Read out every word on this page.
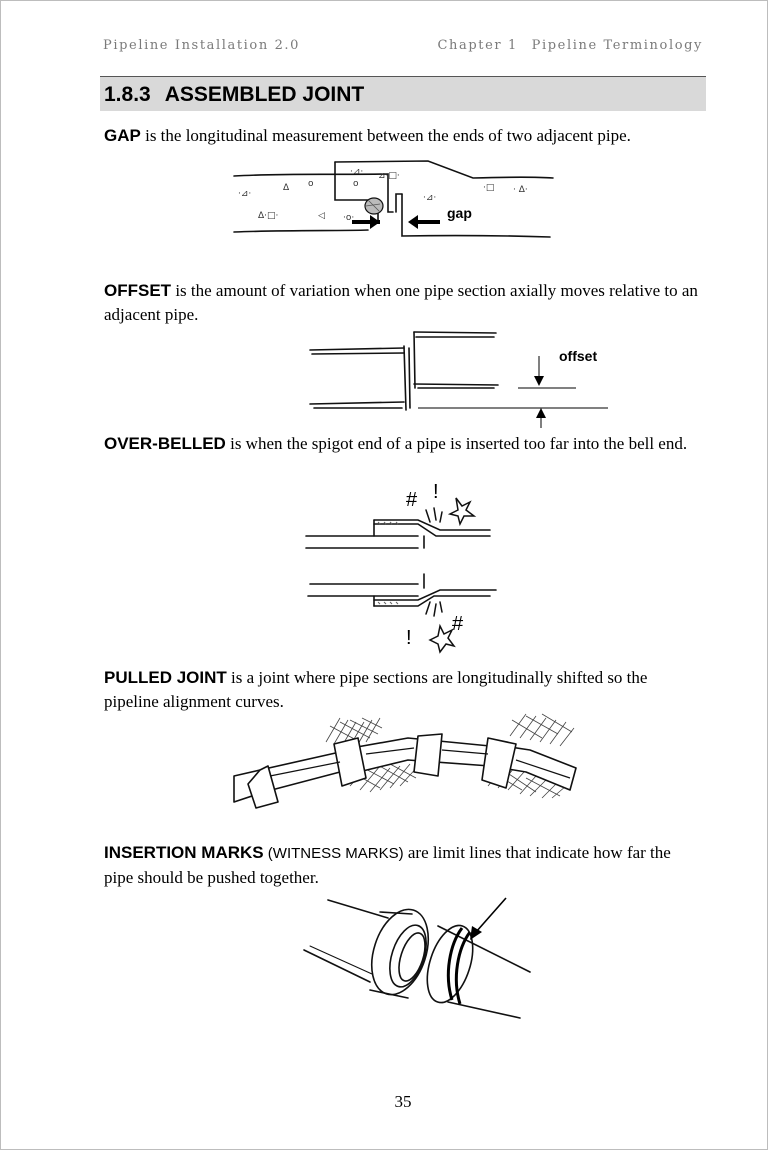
Pipeline Installation 2.0	Chapter 1  Pipeline Terminology
1.8.3 ASSEMBLED JOINT
GAP is the longitudinal measurement between the ends of two adjacent pipe.
·⊿·
Δ o
Δ·□·	◁ ·o·
·⊿· ⊿·□·
o
·⊿·
·□ · Δ·
gap
OFFSET is the amount of variation when one pipe section axially moves relative to an adjacent pipe.
offset
OVER-BELLED is when the spigot end of a pipe is inserted too far into the bell end.
# !
#
!
PULLED JOINT is a joint where pipe sections are longitudinally shifted so the pipeline alignment curves.
INSERTION MARKS (WITNESS MARKS) are limit lines that indicate how far the pipe should be pushed together.
35
